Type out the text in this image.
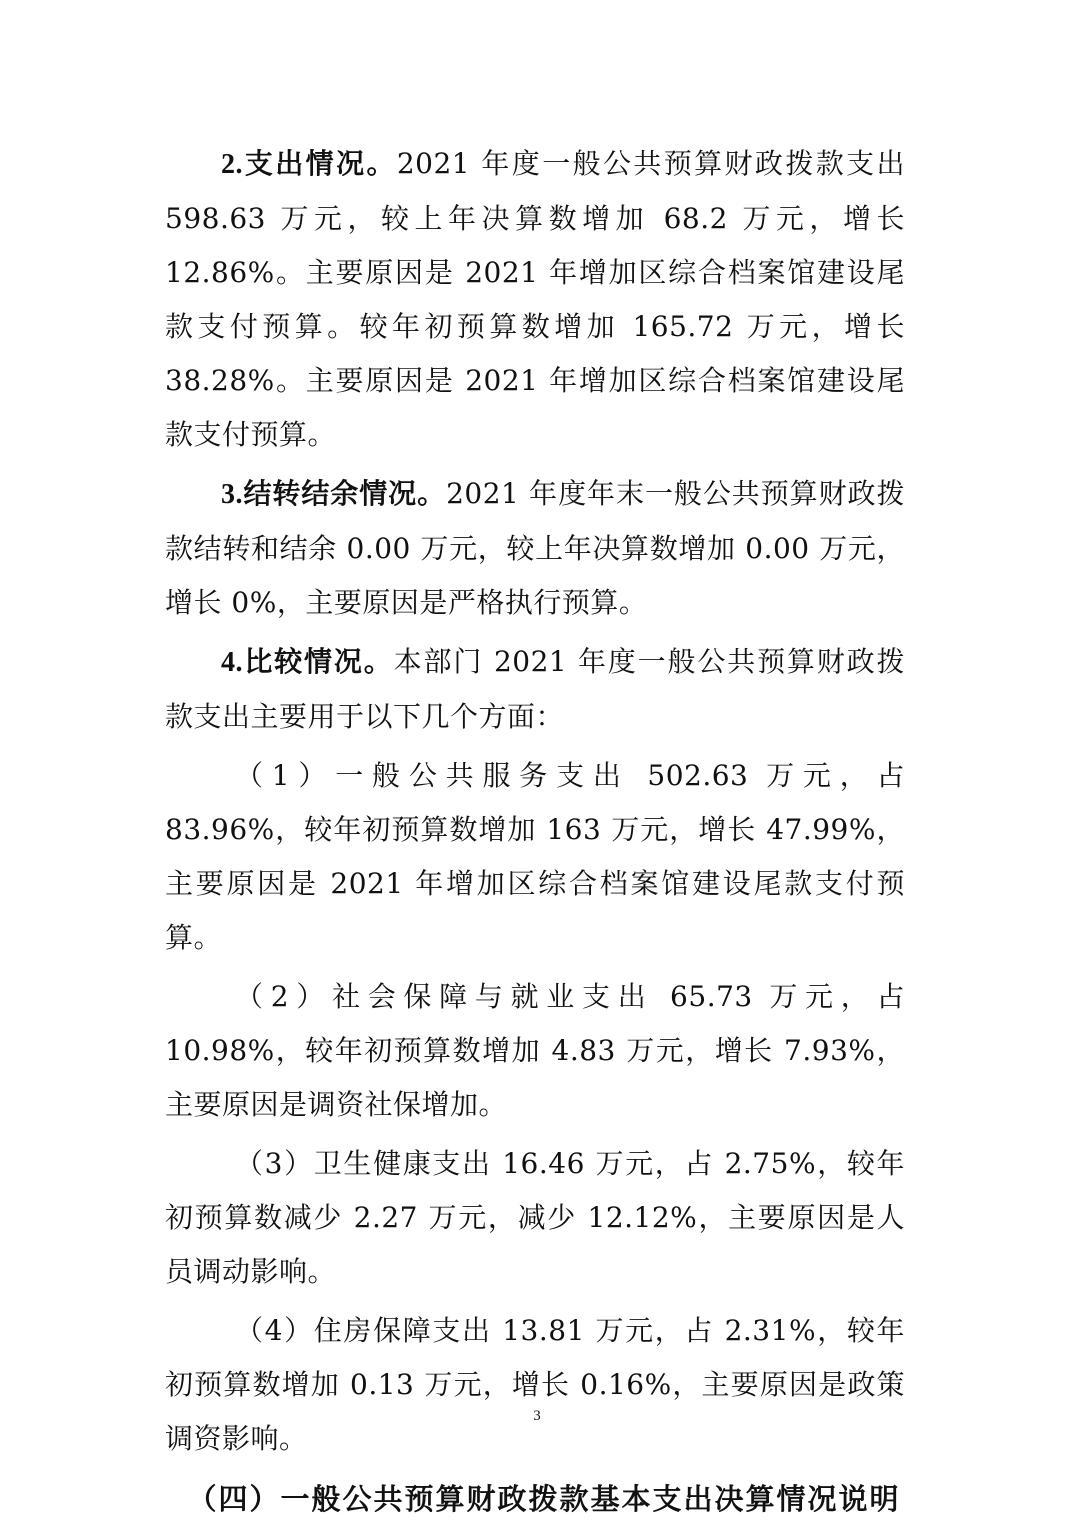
2.支出情况。2021 年度一般公共预算财政拨款支出 598.63 万元，较上年决算数增加 68.2 万元，增长 12.86%。主要原因是 2021 年增加区综合档案馆建设尾款支付预算。较年初预算数增加 165.72 万元，增长 38.28%。主要原因是 2021 年增加区综合档案馆建设尾款支付预算。

3.结转结余情况。2021 年度年末一般公共预算财政拨款结转和结余 0.00 万元，较上年决算数增加 0.00 万元，增长 0%，主要原因是严格执行预算。

4.比较情况。本部门 2021 年度一般公共预算财政拨款支出主要用于以下几个方面：

（1）一般公共服务支出 502.63 万元，占 83.96%，较年初预算数增加 163 万元，增长 47.99%，主要原因是 2021 年增加区综合档案馆建设尾款支付预算。

（2）社会保障与就业支出 65.73 万元，占 10.98%，较年初预算数增加 4.83 万元，增长 7.93%，主要原因是调资社保增加。

（3）卫生健康支出 16.46 万元，占 2.75%，较年初预算数减少 2.27 万元，减少 12.12%，主要原因是人员调动影响。

（4）住房保障支出 13.81 万元，占 2.31%，较年初预算数增加 0.13 万元，增长 0.16%，主要原因是政策调资影响。

（四）一般公共预算财政拨款基本支出决算情况说明
3
